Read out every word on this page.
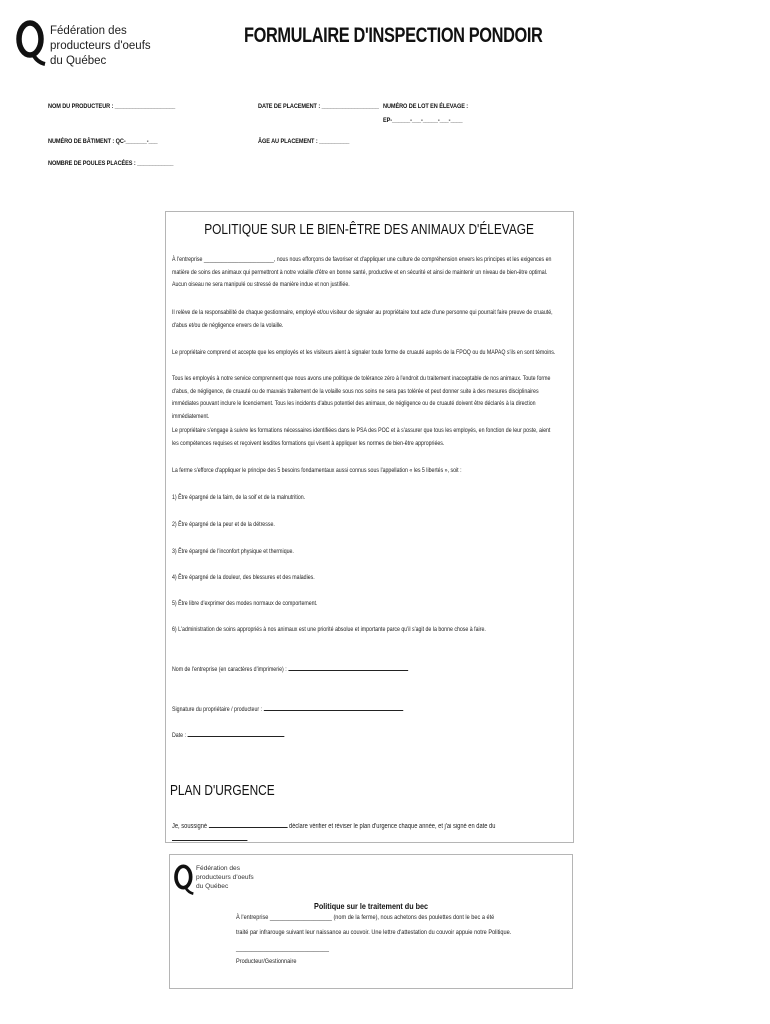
Fédération des
producteurs d'oeufs
du Québec
FORMULAIRE D'INSPECTION PONDOIR
NOM DU PRODUCTEUR : ____________________	DATE DE PLACEMENT : ___________________ NUMÉRO DE LOT EN ÉLEVAGE :
EP-______-___-_____-___-____
NUMÉRO DE BÂTIMENT : QC-_______-___	ÂGE AU PLACEMENT : __________
NOMBRE DE POULES PLACÉES : ____________
POLITIQUE SUR LE BIEN-ÊTRE DES ANIMAUX D'ÉLEVAGE
À l'entreprise ________________________, nous nous efforçons de favoriser et d'appliquer une culture de compréhension envers les principes et les exigences en matière de soins des animaux qui permettront à notre volaille d'être en bonne santé, productive et en sécurité et ainsi de maintenir un niveau de bien-être optimal. Aucun oiseau ne sera manipulé ou stressé de manière indue et non justifiée.
Il relève de la responsabilité de chaque gestionnaire, employé et/ou visiteur de signaler au propriétaire tout acte d'une personne qui pourrait faire preuve de cruauté, d'abus et/ou de négligence envers de la volaille.
Le propriétaire comprend et accepte que les employés et les visiteurs aient à signaler toute forme de cruauté auprès de la FPOQ ou du MAPAQ s'ils en sont témoins.
Tous les employés à notre service comprennent que nous avons une politique de tolérance zéro à l'endroit du traitement inacceptable de nos animaux. Toute forme d'abus, de négligence, de cruauté ou de mauvais traitement de la volaille sous nos soins ne sera pas tolérée et peut donner suite à des mesures disciplinaires immédiates pouvant inclure le licenciement. Tous les incidents d'abus potentiel des animaux, de négligence ou de cruauté doivent être déclarés à la direction immédiatement.
Le propriétaire s'engage à suivre les formations nécessaires identifiées dans le PSA des POC et à s'assurer que tous les employés, en fonction de leur poste, aient les compétences requises et reçoivent lesdites formations qui visent à appliquer les normes de bien-être appropriées.
La ferme s'efforce d'appliquer le principe des 5 besoins fondamentaux aussi connus sous l'appellation « les 5 libertés », soit :
1) Être épargné de la faim, de la soif et de la malnutrition.
2) Être épargné de la peur et de la détresse.
3) Être épargné de l'inconfort physique et thermique.
4) Être épargné de la douleur, des blessures et des maladies.
5) Être libre d'exprimer des modes normaux de comportement.
6) L'administration de soins appropriés à nos animaux est une priorité absolue et importante parce qu'il s'agit de la bonne chose à faire.
Nom de l'entreprise (en caractères d'imprimerie) :
Signature du propriétaire / producteur :
Date :
PLAN D'URGENCE
Je, soussigné	déclare vérifier et réviser le plan d'urgence chaque année, et j'ai signé en date du
Fédération des
producteurs d'oeufs
du Québec
Politique sur le traitement du bec
À l'entreprise ____________________ (nom de la ferme), nous achetons des poulettes dont le bec a été
traité par infrarouge suivant leur naissance au couvoir. Une lettre d'attestation du couvoir appuie notre Politique.
______________________________
Producteur/Gestionnaire
